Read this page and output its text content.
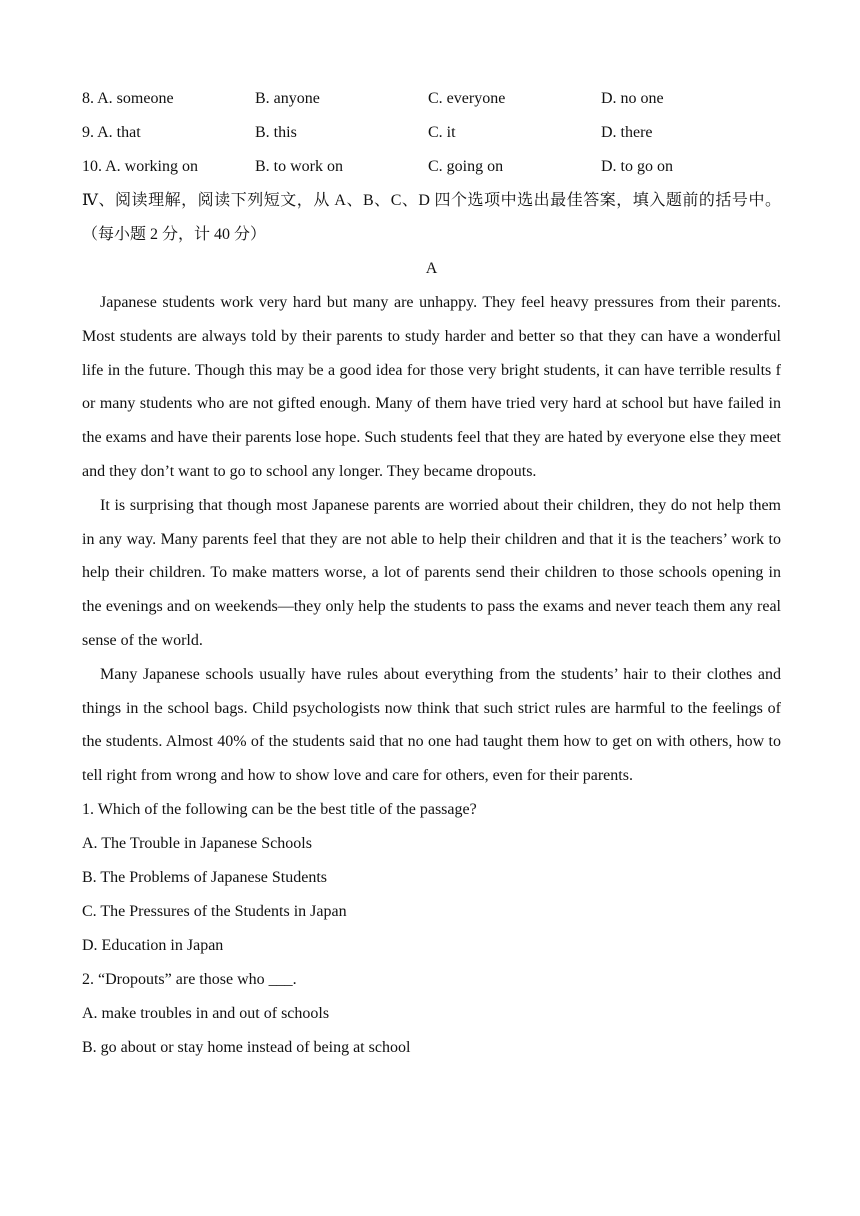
8. A. someone	B. anyone	C. everyone	D. no one
9. A. that	B. this	C. it	D. there
10. A. working on	B. to work on	C. going on	D. to go on

Ⅳ、阅读理解，阅读下列短文，从 A、B、C、D 四个选项中选出最佳答案，填入题前的括号中。（每小题 2 分，计 40 分）

A

Japanese students work very hard but many are unhappy. They feel heavy pressures from their parents. Most students are always told by their parents to study harder and better so that they can have a wonderful life in the future. Though this may be a good idea for those very bright students, it can have terrible results f or many students who are not gifted enough. Many of them have tried very hard at school but have failed in the exams and have their parents lose hope. Such students feel that they are hated by everyone else they meet and they don’t want to go to school any longer. They became dropouts.

It is surprising that though most Japanese parents are worried about their children, they do not help them in any way. Many parents feel that they are not able to help their children and that it is the teachers’ work to help their children. To make matters worse, a lot of parents send their children to those schools opening in the evenings and on weekends—they only help the students to pass the exams and never teach them any real sense of the world.

Many Japanese schools usually have rules about everything from the students’ hair to their clothes and things in the school bags. Child psychologists now think that such strict rules are harmful to the feelings of the students. Almost 40% of the students said that no one had taught them how to get on with others, how to tell right from wrong and how to show love and care for others, even for their parents.

1. Which of the following can be the best title of the passage?
A. The Trouble in Japanese Schools
B. The Problems of Japanese Students
C. The Pressures of the Students in Japan
D. Education in Japan
2. “Dropouts” are those who ___.
A. make troubles in and out of schools
B. go about or stay home instead of being at school
